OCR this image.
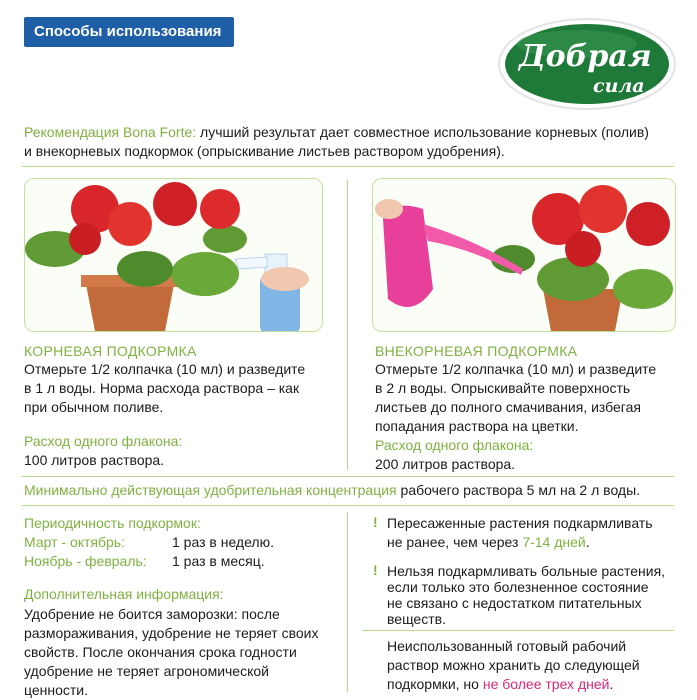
Способы использования
Добрая
сила

Рекомендация Bona Forte: лучший результат дает совместное использование корневых (полив)

и внекорневых подкормок (опрыскивание листьев раствором удобрения).

КОРНЕВАЯ ПОДКОРМКА

Отмерьте 1/2 колпачка (10 мл) и разведите

в 1 л воды. Норма расхода раствора – как

при обычном поливе.

Расход одного флакона:

100 литров раствора.

ВНЕКОРНЕВАЯ ПОДКОРМКА

Отмерьте 1/2 колпачка (10 мл) и разведите

в 2 л воды. Опрыскивайте поверхность

листьев до полного смачивания, избегая

попадания раствора на цветки.

Расход одного флакона:

200 литров раствора.

Минимально действующая удобрительная концентрация рабочего раствора 5 мл на 2 л воды.

Периодичность подкормок:

Март - октябрь:	1 раз в неделю.
Ноябрь - февраль: 1 раз в месяц.

Дополнительная информация:

Удобрение не боится заморозки: после

размораживания, удобрение не теряет своих

свойств. После окончания срока годности

удобрение не теряет агрономической

ценности.

! Пересаженные растения подкармливать

не ранее, чем через 7-14 дней.

! Нельзя подкармливать больные растения,

если только это болезненное состояние

не связано с недостатком питательных

веществ.

Неиспользованный готовый рабочий

раствор можно хранить до следующей

подкормки, но не более трех дней.
